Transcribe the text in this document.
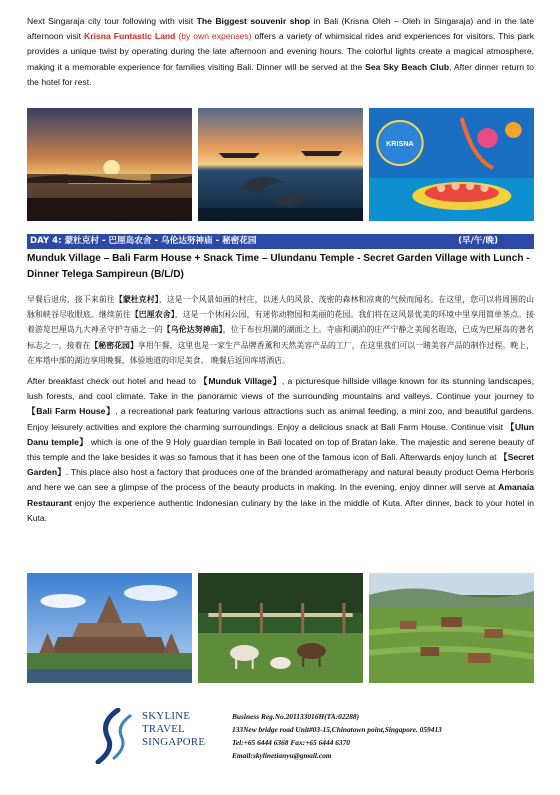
Next Singaraja city tour following with visit The Biggest souvenir shop in Bali (Krisna Oleh – Oleh in Singaraja) and in the late afternoon visit Krisna Funtastic Land (by own expenses) offers a variety of whimsical rides and experiences for visitors. This park provides a unique twist by operating during the late afternoon and evening hours. The colorful lights create a magical atmosphere, making it a memorable experience for families visiting Bali. Dinner will be served at the Sea Sky Beach Club, After dinner return to the hotel for rest.

KRISNA
DAY 4: 蒙杜克村 - 巴厘岛农舍 - 乌伦达努神庙 - 秘密花园	(早/午/晚)
Munduk Village – Bali Farm House + Snack Time – Ulundanu Temple - Secret Garden Village with Lunch - Dinner Telega Sampireun (B/L/D)

早餐后退房，接下来前往【蒙杜克村】，这是一个风景如画的村庄，以迷人的风景、茂密的森林和凉爽的气候而闻名。在这里，您可以将周围的山脉和峡谷尽收眼底。继续前往【巴厘农舍】，这是一个休闲公园，有迷你动物园和美丽的花园。我们将在这风景优美的环境中里享用简单茶点。接着游览巴厘岛九大神圣守护寺庙之一的【乌伦达努神庙】，位于布拉坦湖的湖面之上。寺庙和湖泊的庄严宁静之美闻名遐迩，已成为巴厘岛的著名标志之一。接着在【秘密花园】享用午餐，这里也是一家生产品牌香薰和天然美容产品的工厂，在这里我们可以一睹美容产品的制作过程。晚上，在库塔中部的湖边享用晚餐，体验地道的印尼美食。 晚餐后返回库塔酒店。

After breakfast check out hotel and head to 【Munduk Village】, a picturesque hillside village known for its stunning landscapes, lush forests, and cool climate. Take in the panoramic views of the surrounding mountains and valleys. Continue your journey to 【Bali Farm House】, a recreational park featuring various attractions such as animal feeding, a mini zoo, and beautiful gardens. Enjoy leisurely activities and explore the charming surroundings. Enjoy a delicious snack at Bali Farm House. Continue visit 【Ulun Danu temple】 which is one of the 9 Holy guardian temple in Bali located on top of Bratan lake. The majestic and serene beauty of this temple and the lake besides it was so famous that it has been one of the famous icon of Bali. Afterwards enjoy lunch at 【Secret Garden】. This place also host a factory that produces one of the branded aromatherapy and natural beauty product Oema Herboris and here we can see a glimpse of the process of the beauty products in making. In the evening, enjoy dinner will serve at Amanaia Restaurant enjoy the experience authentic Indonesian culinary by the lake in the middle of Kuta. After dinner, back to your hotel in Kuta.

SKYLINE
TRAVEL
SINGAPORE
Business Reg.No.201133016H(TA:02288)
133New bridge road Unit#03-15,Chinatown point,Singapore. 059413
Tel:+65 6444 6368 Fax:+65 6444 6370
Email:skylinetianyu@gmail.com
